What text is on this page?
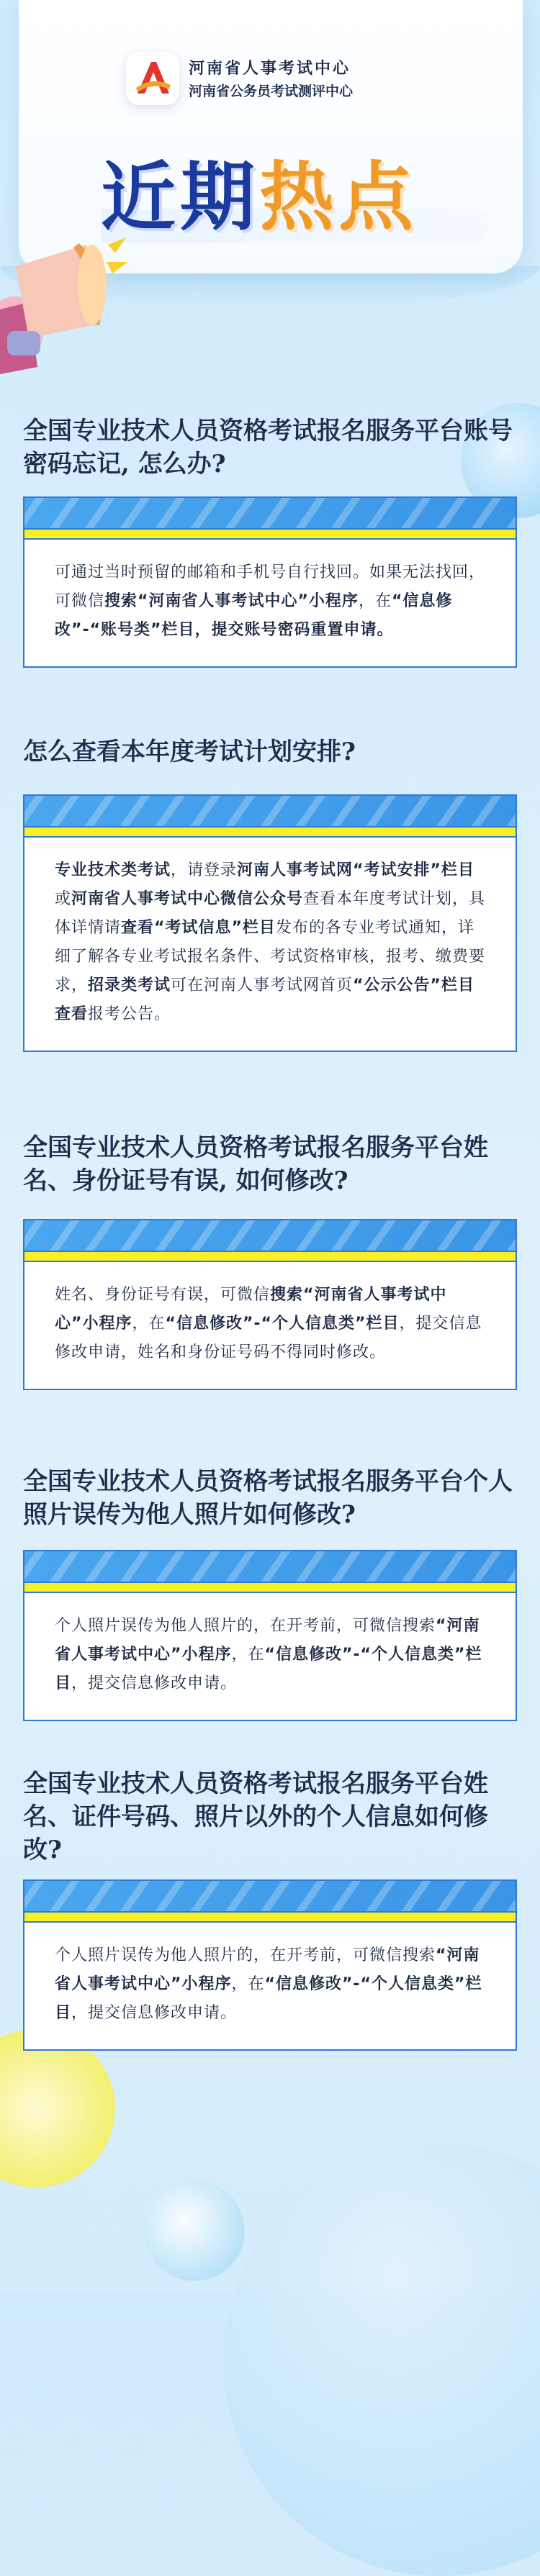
河南省人事考试中心
河南省公务员考试测评中心
近期热点
全国专业技术人员资格考试报名服务平台账号密码忘记, 怎么办?
可通过当时预留的邮箱和手机号自行找回。如果无法找回，可微信搜索“河南省人事考试中心”小程序，在“信息修改”-“账号类”栏目，提交账号密码重置申请。
怎么查看本年度考试计划安排?
专业技术类考试，请登录河南人事考试网“考试安排”栏目或河南省人事考试中心微信公众号查看本年度考试计划，具体详情请查看“考试信息”栏目发布的各专业考试通知，详细了解各专业考试报名条件、考试资格审核，报考、缴费要求，招录类考试可在河南人事考试网首页“公示公告”栏目查看报考公告。
全国专业技术人员资格考试报名服务平台姓名、身份证号有误, 如何修改?
姓名、身份证号有误，可微信搜索“河南省人事考试中心”小程序，在“信息修改”-“个人信息类”栏目，提交信息修改申请，姓名和身份证号码不得同时修改。
全国专业技术人员资格考试报名服务平台个人照片误传为他人照片如何修改?
个人照片误传为他人照片的，在开考前，可微信搜索“河南省人事考试中心”小程序，在“信息修改”-“个人信息类”栏目，提交信息修改申请。
全国专业技术人员资格考试报名服务平台姓名、证件号码、照片以外的个人信息如何修改?
个人照片误传为他人照片的，在开考前，可微信搜索“河南省人事考试中心”小程序，在“信息修改”-“个人信息类”栏目，提交信息修改申请。
